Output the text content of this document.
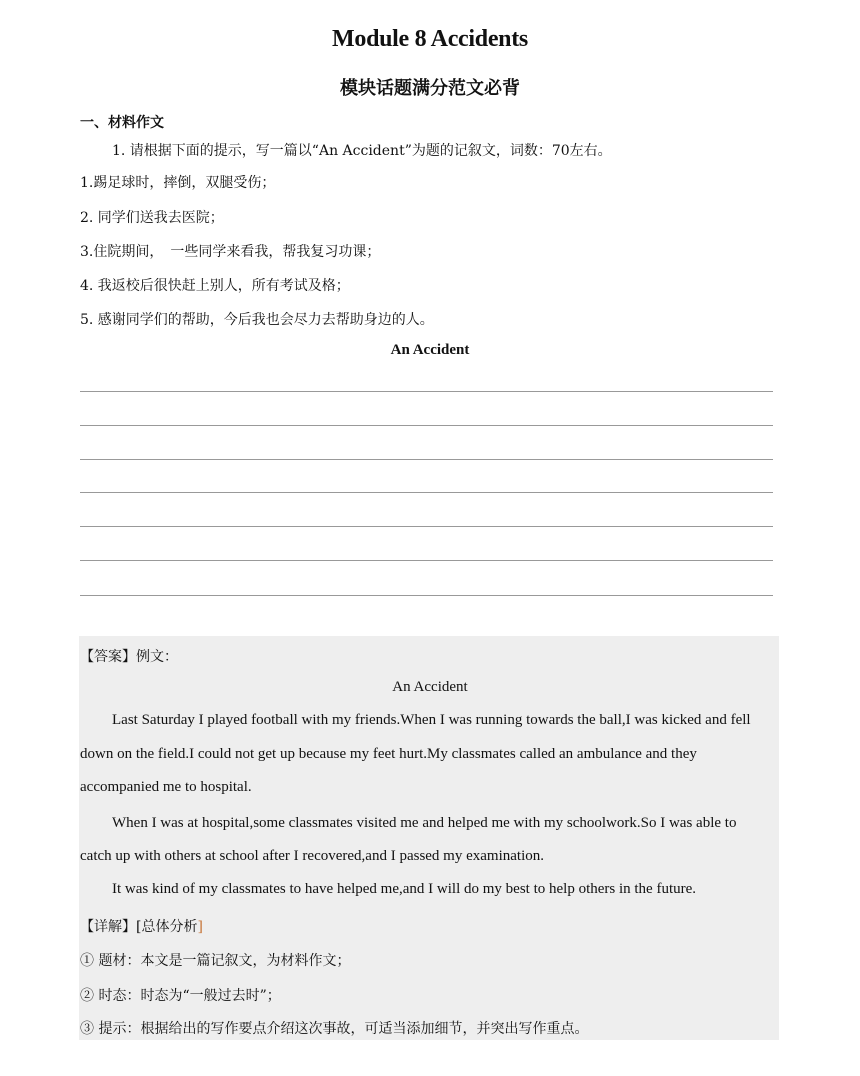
Module 8 Accidents
模块话题满分范文必背
一、材料作文
1. 请根据下面的提示，写一篇以“An Accident”为题的记叙文，词数：70左右。
1.踢足球时，摔倒，双腿受伤；
2. 同学们送我去医院；
3.住院期间，　一些同学来看我，帮我复习功课；
4. 我返校后很快赶上别人，所有考试及格；
5. 感谢同学们的帮助，今后我也会尽力去帮助身边的人。
An Accident
【答案】例文：
An Accident
Last Saturday I played football with my friends.When I was running towards the ball,I was kicked and fell
down on the field.I could not get up because my feet hurt.My classmates called an ambulance and they
accompanied me to hospital.
When I was at hospital,some classmates visited me and helped me with my schoolwork.So I was able to
catch up with others at school after I recovered,and I passed my examination.
It was kind of my classmates to have helped me,and I will do my best to help others in the future.
【详解】[总体分析]
① 题材：本文是一篇记叙文，为材料作文；
② 时态：时态为“一般过去时”；
③ 提示：根据给出的写作要点介绍这次事故，可适当添加细节，并突出写作重点。
